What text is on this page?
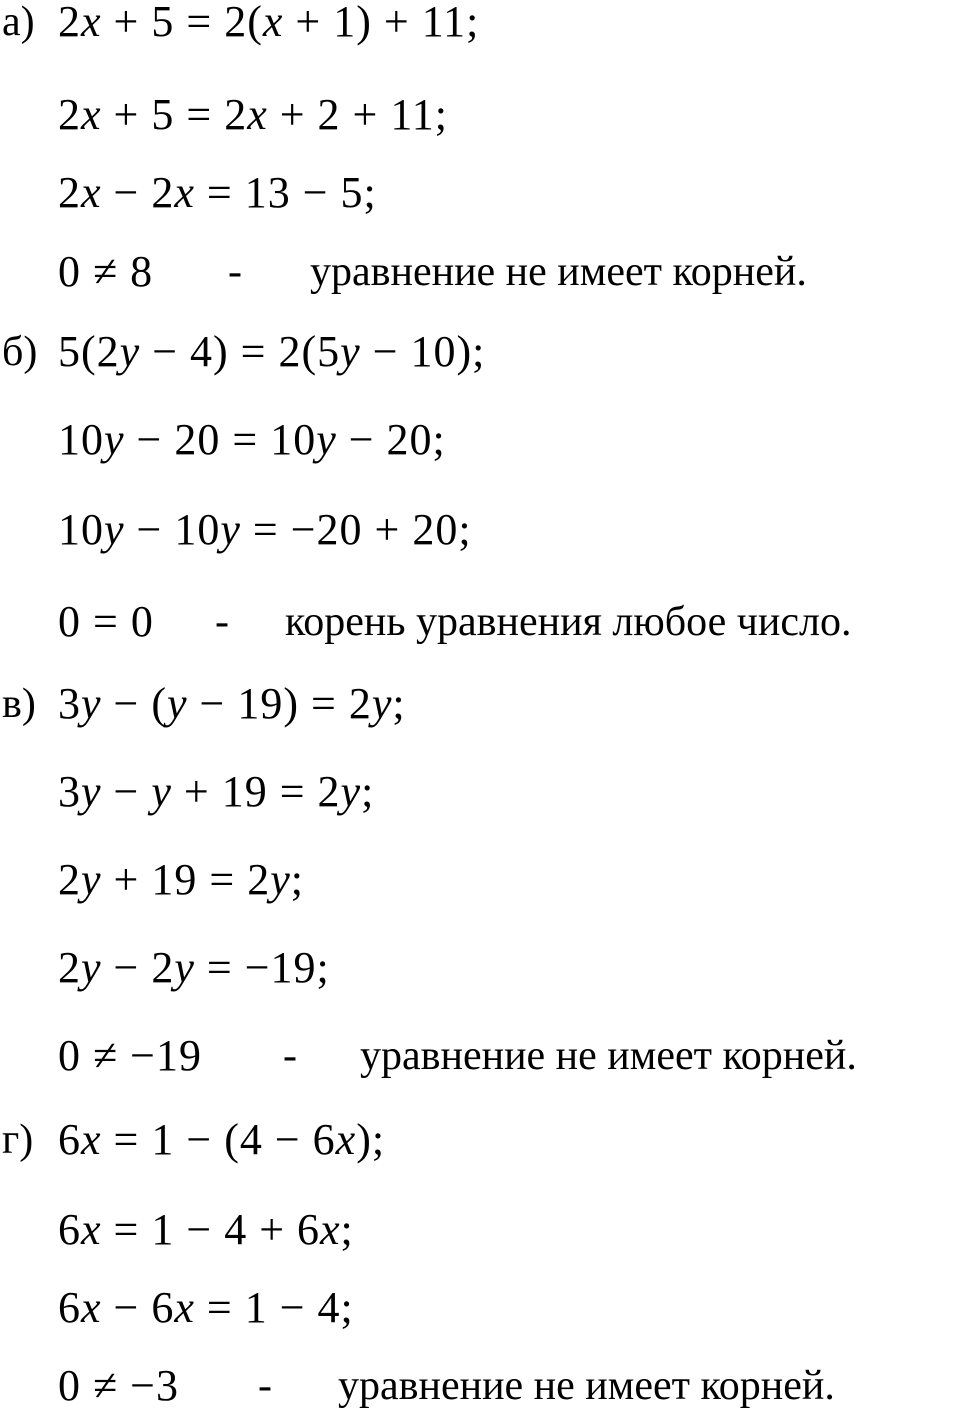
а) 2x + 5 = 2(x + 1) + 11;
2x + 5 = 2x + 2 + 11;
2x − 2x = 13 − 5;
0 ≠ 8 - уравнение не имеет корней.
б) 5(2y − 4) = 2(5y − 10);
10y − 20 = 10y − 20;
10y − 10y = −20 + 20;
0 = 0 - корень уравнения любое число.
в) 3y − (y − 19) = 2y;
3y − y + 19 = 2y;
2y + 19 = 2y;
2y − 2y = −19;
0 ≠ −19 - уравнение не имеет корней.
г) 6x = 1 − (4 − 6x);
6x = 1 − 4 + 6x;
6x − 6x = 1 − 4;
0 ≠ −3 - уравнение не имеет корней.
